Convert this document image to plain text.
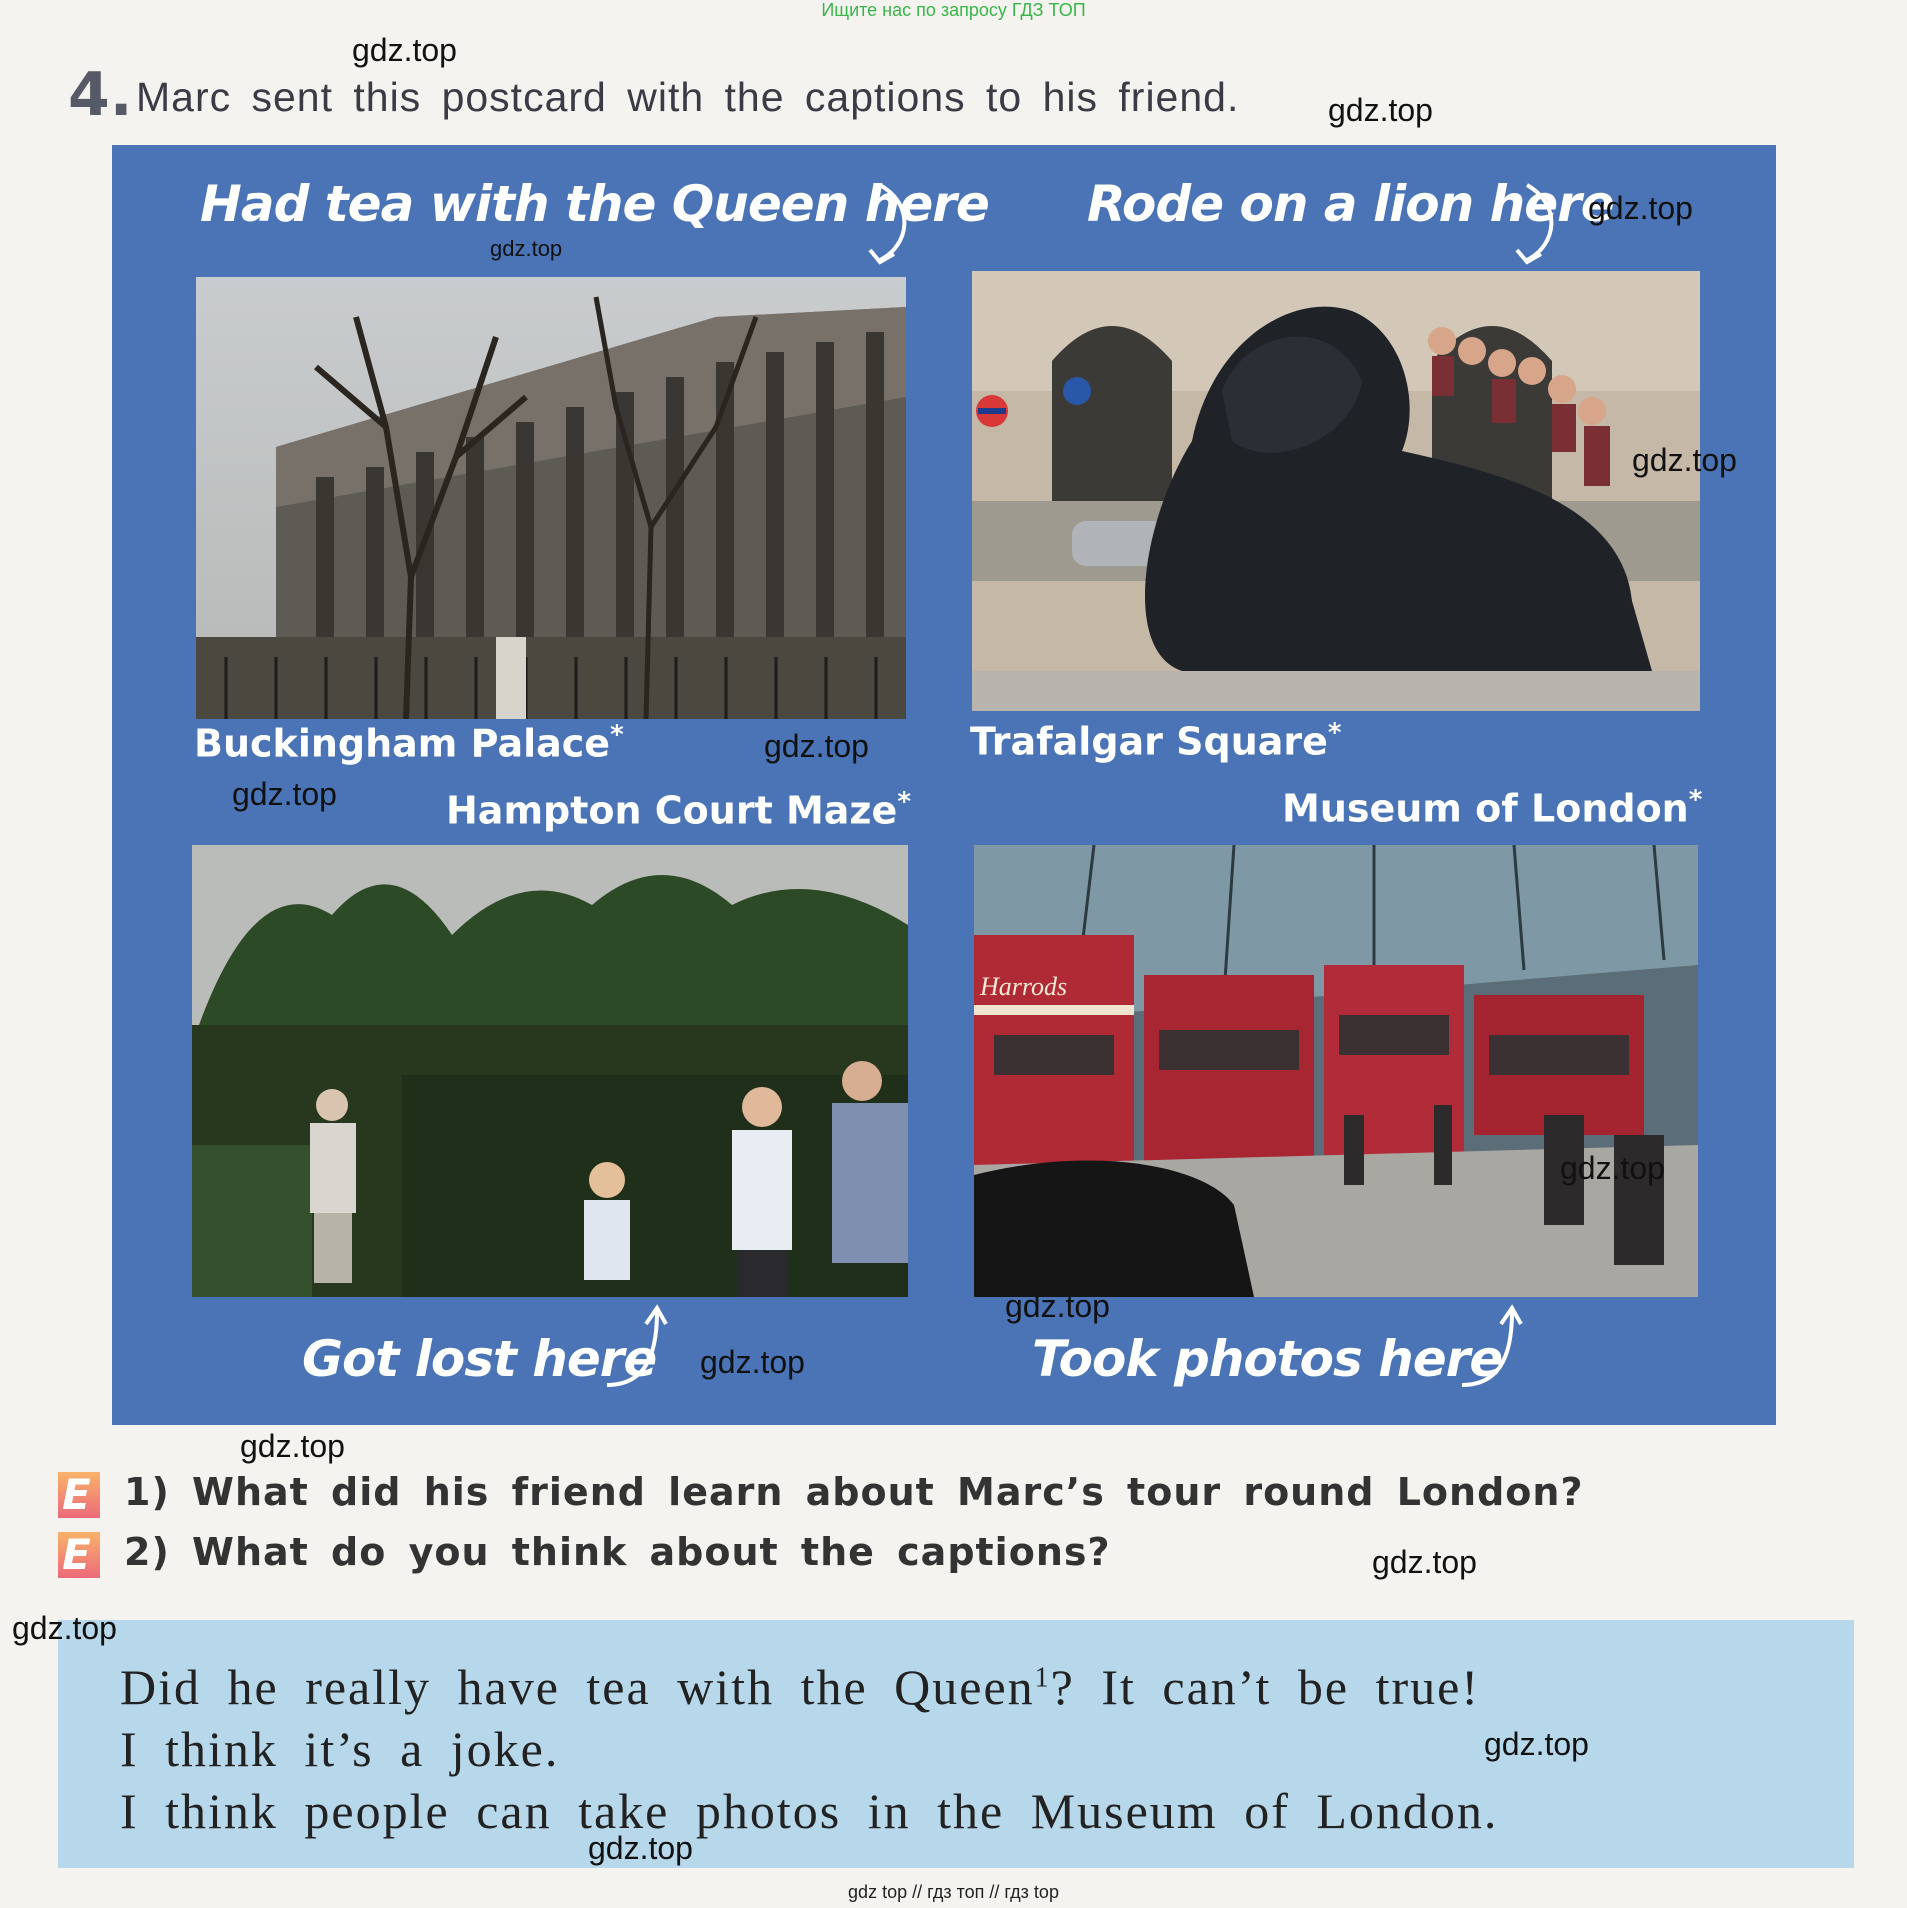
Ищите нас по запросу ГДЗ ТОП
4. Marc sent this postcard with the captions to his friend.
Had tea with the Queen here Rode on a lion here
Buckingham Palace*	Trafalgar Square*
Hampton Court Maze*	Museum of London*
Harrods
Got lost here	Took photos here
E 1) What did his friend learn about Marc’s tour round London?
E 2) What do you think about the captions?
Did he really have tea with the Queen$^1$? It can’t be true!
I think it’s a joke.
I think people can take photos in the Museum of London.
gdz.top
gdz.top
gdz.top
gdz.top
gdz.top
gdz.top
gdz.top
gdz.top
gdz.top
gdz.top
gdz.top
gdz.top
gdz.top
gdz.top
gdz.top
gdz top // гдз топ // гдз top
